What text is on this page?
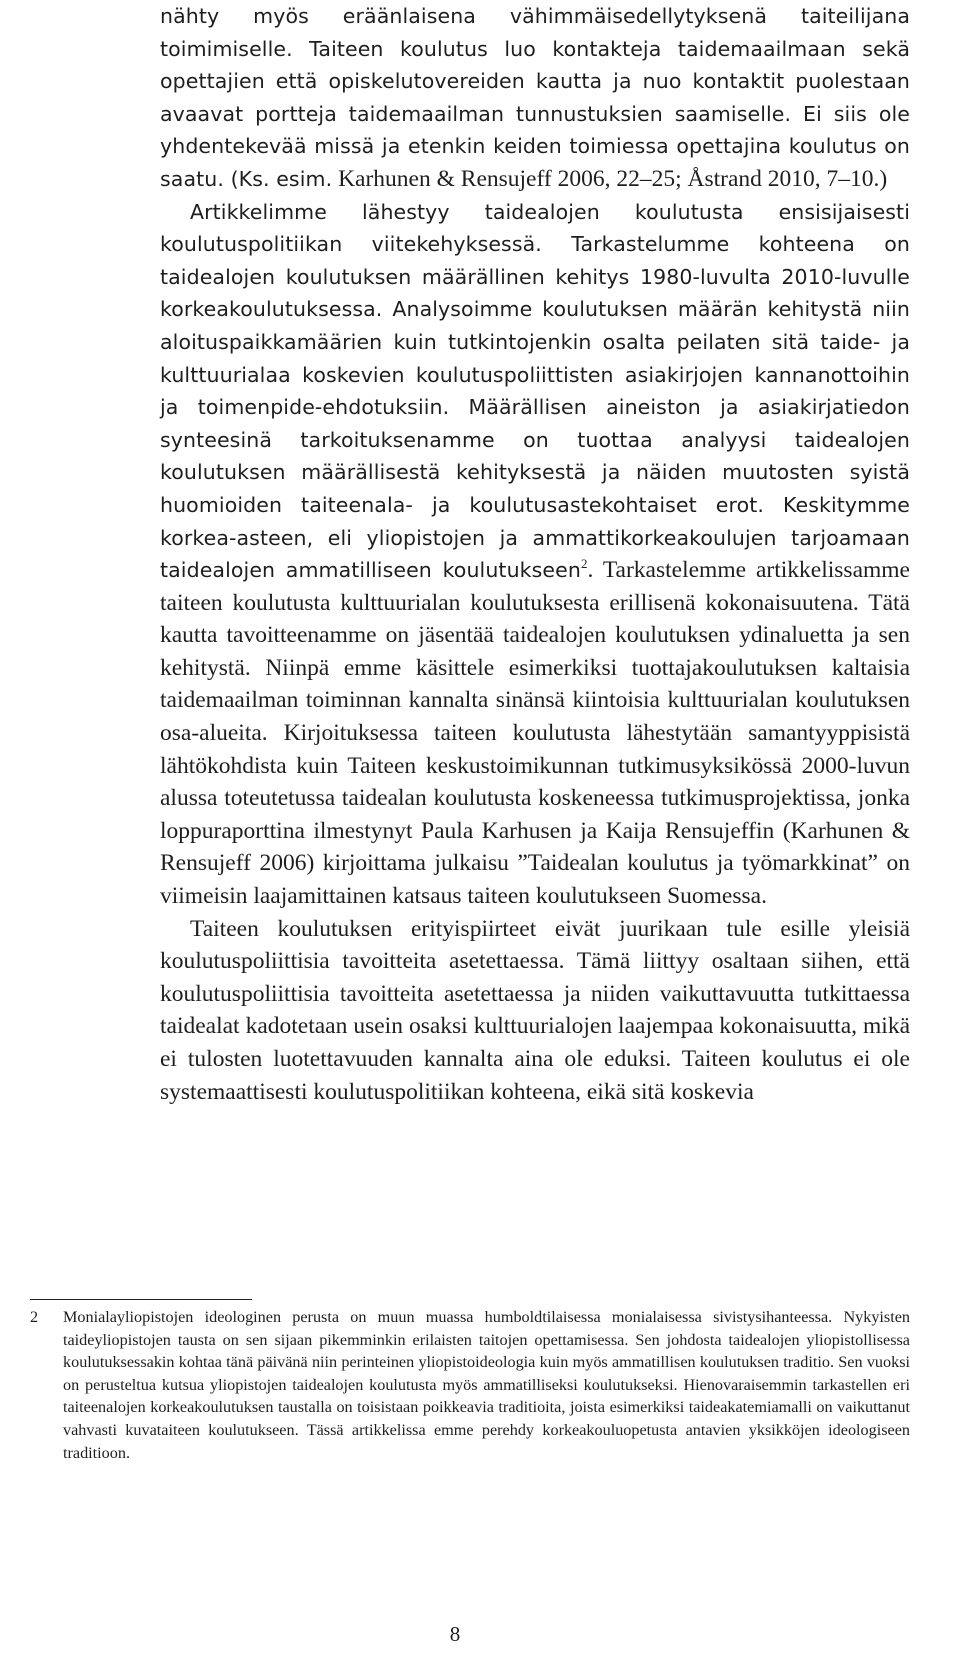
nähty myös eräänlaisena vähimmäisedellytyksenä taiteilijana toimimiselle. Taiteen koulutus luo kontakteja taidemaailmaan sekä opettajien että opiskelutovereiden kautta ja nuo kontaktit puolestaan avaavat portteja taidemaailman tunnustuksien saamiselle. Ei siis ole yhdentekevää missä ja etenkin keiden toimiessa opettajina koulutus on saatu. (Ks. esim. Karhunen & Rensujeff 2006, 22–25; Åstrand 2010, 7–10.)

Artikkelimme lähestyy taidealojen koulutusta ensisijaisesti koulutuspolitiikan viitekehyksessä. Tarkastelumme kohteena on taidealojen koulutuksen määrällinen kehitys 1980-luvulta 2010-luvulle korkeakoulutuksessa. Analysoimme koulutuksen määrän kehitystä niin aloituspaikkamäärien kuin tutkintojenkin osalta peilaten sitä taide- ja kulttuurialaa koskevien koulutuspoliittisten asiakirjojen kannanottoihin ja toimenpide-ehdotuksiin. Määrällisen aineiston ja asiakirjatiedon synteesinä tarkoituksenamme on tuottaa analyysi taidealojen koulutuksen määrällisestä kehityksestä ja näiden muutosten syistä huomioiden taiteenala- ja koulutusastekohtaiset erot. Keskitymme korkea-asteen, eli yliopistojen ja ammattikorkeakoulujen tarjoamaan taidealojen ammatilliseen koulutukseen$^2$. Tarkastelemme artikkelissamme taiteen koulutusta kulttuurialan koulutuksesta erillisenä kokonaisuutena. Tätä kautta tavoitteenamme on jäsentää taidealojen koulutuksen ydinaluetta ja sen kehitystä. Niinpä emme käsittele esimerkiksi tuottajakoulutuksen kaltaisia taidemaailman toiminnan kannalta sinänsä kiintoisia kulttuurialan koulutuksen osa-alueita. Kirjoituksessa taiteen koulutusta lähestytään samantyyppisistä lähtökohdista kuin Taiteen keskustoimikunnan tutkimusyksikössä 2000-luvun alussa toteutetussa taidealan koulutusta koskeneessa tutkimusprojektissa, jonka loppuraporttina ilmestynyt Paula Karhusen ja Kaija Rensujeffin (Karhunen & Rensujeff 2006) kirjoittama julkaisu ”Taidealan koulutus ja työmarkkinat” on viimeisin laajamittainen katsaus taiteen koulutukseen Suomessa.

Taiteen koulutuksen erityispiirteet eivät juurikaan tule esille yleisiä koulutuspoliittisia tavoitteita asetettaessa. Tämä liittyy osaltaan siihen, että koulutuspoliittisia tavoitteita asetettaessa ja niiden vaikuttavuutta tutkittaessa taidealat kadotetaan usein osaksi kulttuurialojen laajempaa kokonaisuutta, mikä ei tulosten luotettavuuden kannalta aina ole eduksi. Taiteen koulutus ei ole systemaattisesti koulutuspolitiikan kohteena, eikä sitä koskevia

2	Monialayliopistojen ideologinen perusta on muun muassa humboldtilaisessa monialaisessa sivistysihanteessa. Nykyisten taideyliopistojen tausta on sen sijaan pikemminkin erilaisten taitojen opettamisessa. Sen johdosta taidealojen yliopistollisessa koulutuksessakin kohtaa tänä päivänä niin perinteinen yliopistoideologia kuin myös ammatillisen koulutuksen traditio. Sen vuoksi on perusteltua kutsua yliopistojen taidealojen koulutusta myös ammatilliseksi koulutukseksi. Hienovaraisemmin tarkastellen eri taiteenalojen korkeakoulutuksen taustalla on toisistaan poikkeavia traditioita, joista esimerkiksi taideakatemiamalli on vaikuttanut vahvasti kuvataiteen koulutukseen. Tässä artikkelissa emme perehdy korkeakouluopetusta antavien yksikköjen ideologiseen traditioon.
8
